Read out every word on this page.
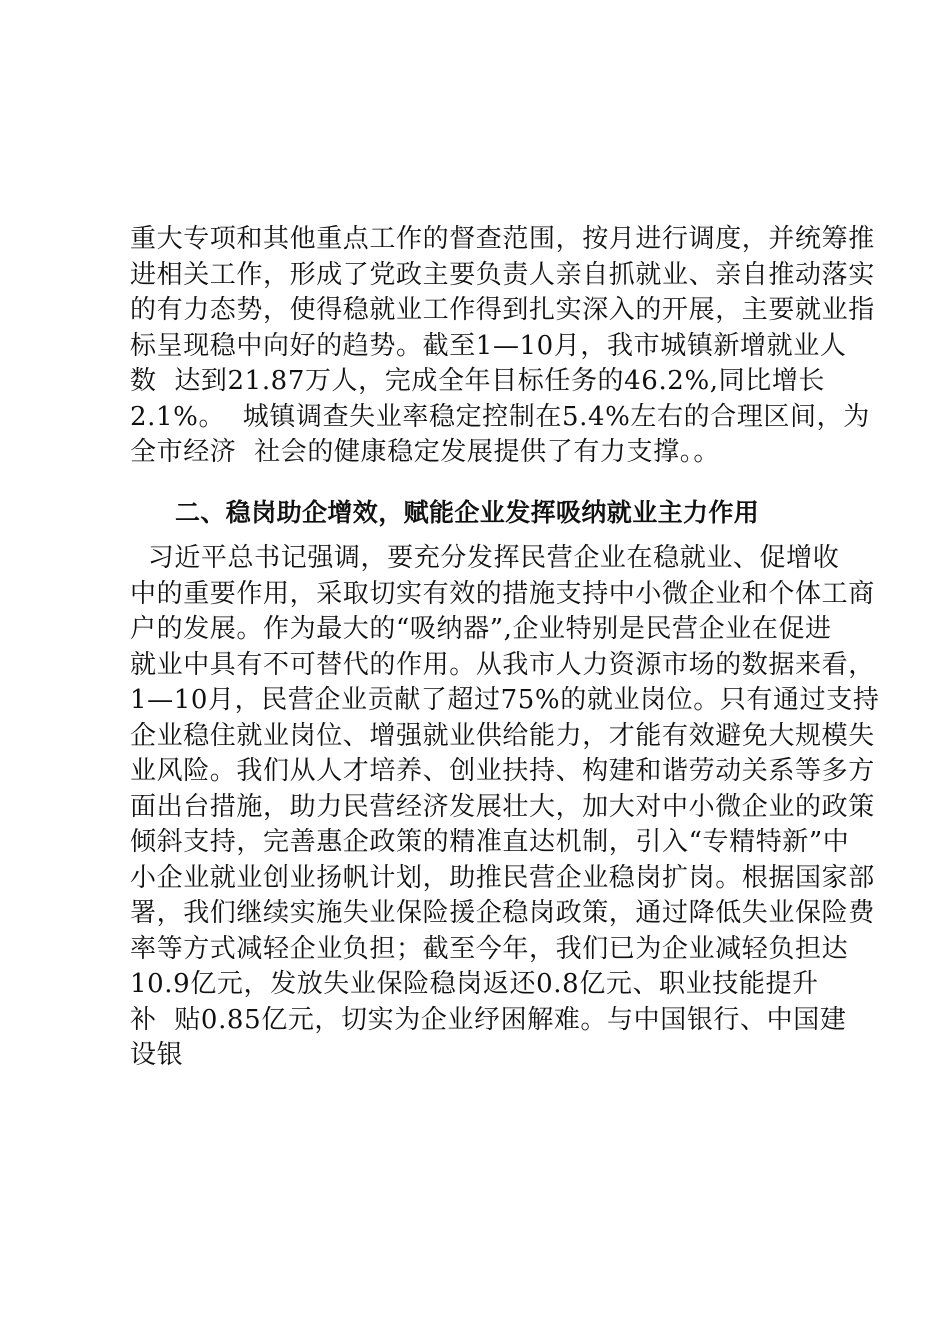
重大专项和其他重点工作的督查范围，按月进行调度，并统筹推
进相关工作，形成了党政主要负责人亲自抓就业、亲自推动落实
的有力态势，使得稳就业工作得到扎实深入的开展，主要就业指
标呈现稳中向好的趋势。截至1—10月，我市城镇新增就业人
数  达到21.87万人，完成全年目标任务的46.2%,同比增长
2.1%。  城镇调查失业率稳定控制在5.4%左右的合理区间，为
全市经济  社会的健康稳定发展提供了有力支撑。。
二、稳岗助企增效，赋能企业发挥吸纳就业主力作用
习近平总书记强调，要充分发挥民营企业在稳就业、促增收
中的重要作用，采取切实有效的措施支持中小微企业和个体工商
户的发展。作为最大的“吸纳器”,企业特别是民营企业在促进
就业中具有不可替代的作用。从我市人力资源市场的数据来看，
1—10月，民营企业贡献了超过75%的就业岗位。只有通过支持
企业稳住就业岗位、增强就业供给能力，才能有效避免大规模失
业风险。我们从人才培养、创业扶持、构建和谐劳动关系等多方
面出台措施，助力民营经济发展壮大，加大对中小微企业的政策
倾斜支持，完善惠企政策的精准直达机制，引入“专精特新”中
小企业就业创业扬帆计划，助推民营企业稳岗扩岗。根据国家部
署，我们继续实施失业保险援企稳岗政策，通过降低失业保险费
率等方式减轻企业负担；截至今年，我们已为企业减轻负担达
10.9亿元，发放失业保险稳岗返还0.8亿元、职业技能提升
补  贴0.85亿元，切实为企业纾困解难。与中国银行、中国建
设银
